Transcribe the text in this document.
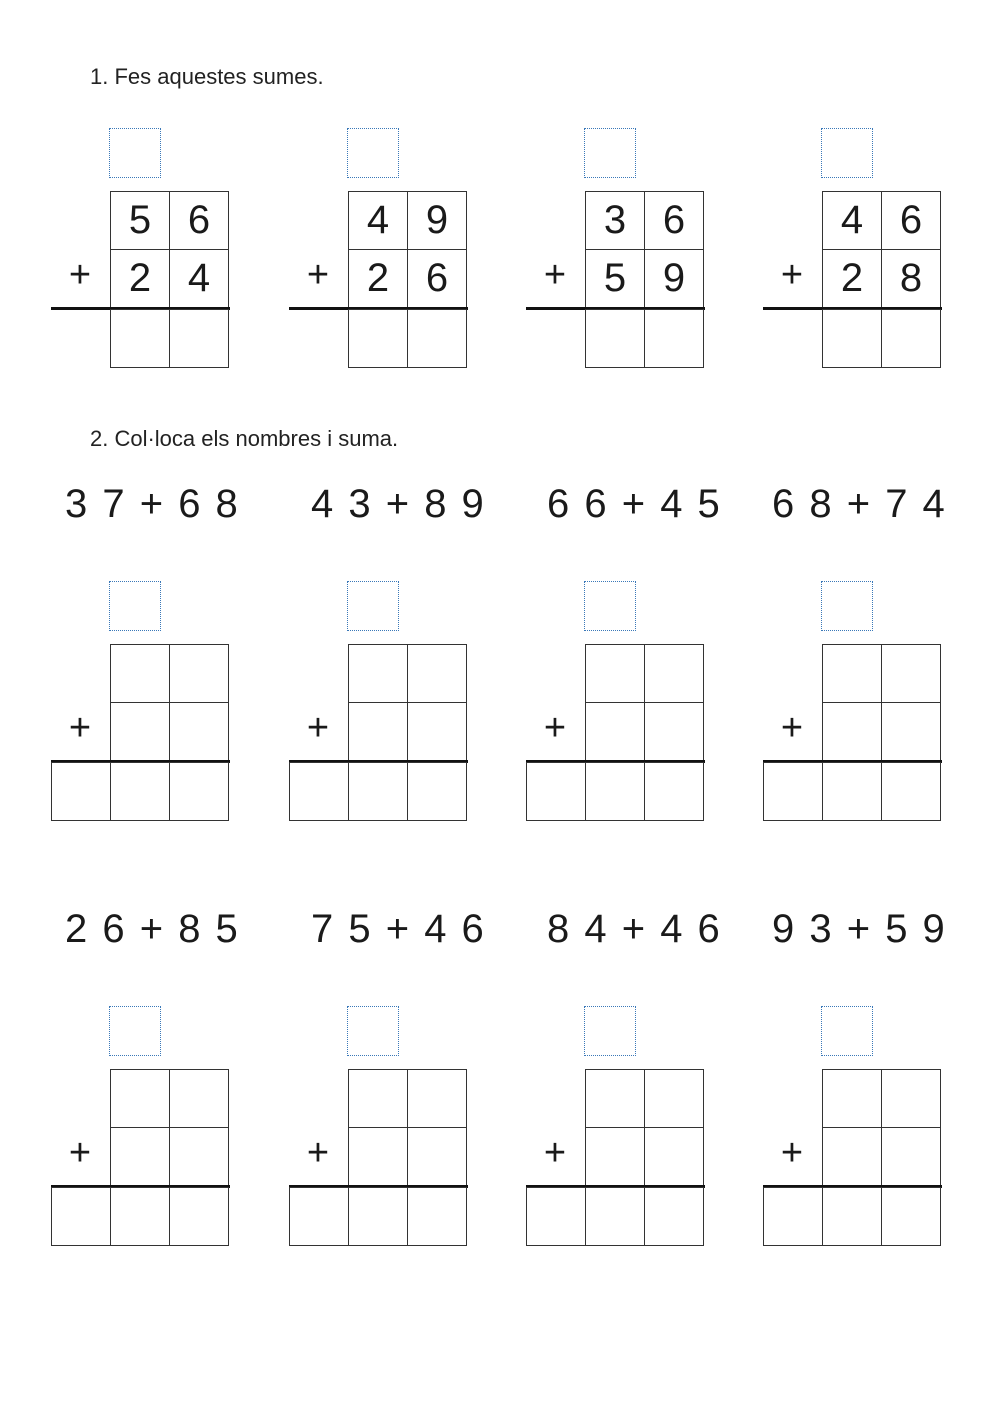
1. Fes aquestes sumes.
5 6
+ 2 4
4 9
+ 2 6
3 6
+ 5 9
4 6
+ 2 8
2. Col·loca els nombres i suma.
3 7 + 6 8
+
4 3 + 8 9
+
6 6 + 4 5
+
6 8 + 7 4
+
2 6 + 8 5
+
7 5 + 4 6
+
8 4 + 4 6
+
9 3 + 5 9
+
